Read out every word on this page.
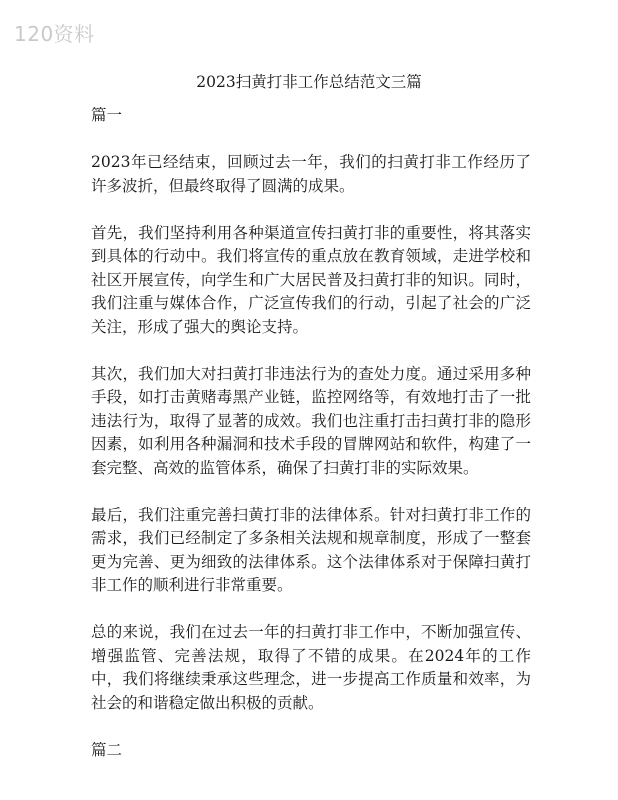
120资料
2023扫黄打非工作总结范文三篇
篇一

2023年已经结束，回顾过去一年，我们的扫黄打非工作经历了许多波折，但最终取得了圆满的成果。

首先，我们坚持利用各种渠道宣传扫黄打非的重要性，将其落实到具体的行动中。我们将宣传的重点放在教育领域，走进学校和社区开展宣传，向学生和广大居民普及扫黄打非的知识。同时，我们注重与媒体合作，广泛宣传我们的行动，引起了社会的广泛关注，形成了强大的舆论支持。

其次，我们加大对扫黄打非违法行为的查处力度。通过采用多种手段，如打击黄赌毒黑产业链，监控网络等，有效地打击了一批违法行为，取得了显著的成效。我们也注重打击扫黄打非的隐形因素，如利用各种漏洞和技术手段的冒牌网站和软件，构建了一套完整、高效的监管体系，确保了扫黄打非的实际效果。

最后，我们注重完善扫黄打非的法律体系。针对扫黄打非工作的需求，我们已经制定了多条相关法规和规章制度，形成了一整套更为完善、更为细致的法律体系。这个法律体系对于保障扫黄打非工作的顺利进行非常重要。

总的来说，我们在过去一年的扫黄打非工作中，不断加强宣传、增强监管、完善法规，取得了不错的成果。在2024年的工作中，我们将继续秉承这些理念，进一步提高工作质量和效率，为社会的和谐稳定做出积极的贡献。

篇二
